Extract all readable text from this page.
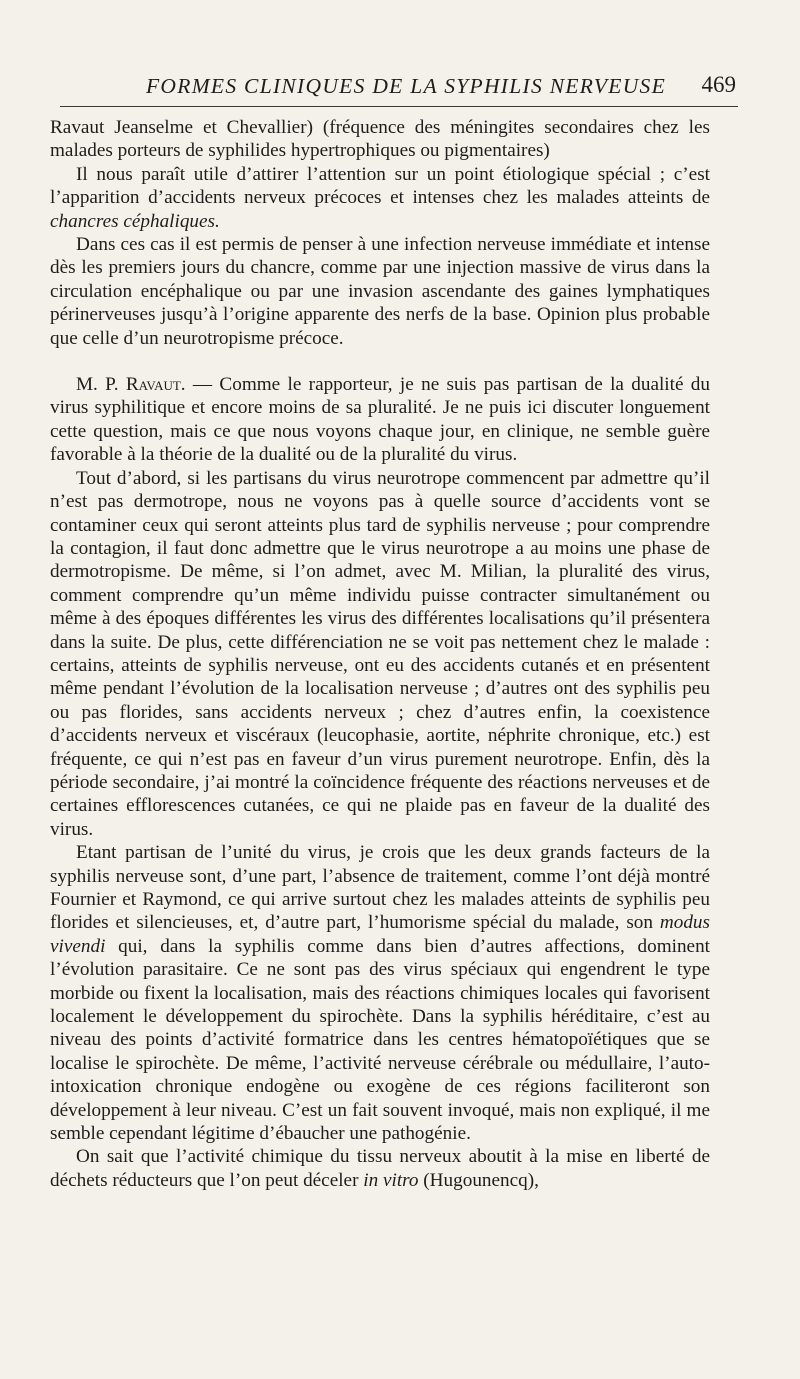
FORMES CLINIQUES DE LA SYPHILIS NERVEUSE 469

Ravaut Jeanselme et Chevallier) (fréquence des méningites secondaires chez les malades porteurs de syphilides hypertrophiques ou pigmentaires)

Il nous paraît utile d’attirer l’attention sur un point étiologique spécial ; c’est l’apparition d’accidents nerveux précoces et intenses chez les malades atteints de chancres céphaliques.

Dans ces cas il est permis de penser à une infection nerveuse immédiate et intense dès les premiers jours du chancre, comme par une injection massive de virus dans la circulation encéphalique ou par une invasion ascendante des gaines lymphatiques périnerveuses jusqu’à l’origine apparente des nerfs de la base. Opinion plus probable que celle d’un neurotropisme précoce.

M. P. Ravaut. — Comme le rapporteur, je ne suis pas partisan de la dualité du virus syphilitique et encore moins de sa pluralité. Je ne puis ici discuter longuement cette question, mais ce que nous voyons chaque jour, en clinique, ne semble guère favorable à la théorie de la dualité ou de la pluralité du virus.

Tout d’abord, si les partisans du virus neurotrope commencent par admettre qu’il n’est pas dermotrope, nous ne voyons pas à quelle source d’accidents vont se contaminer ceux qui seront atteints plus tard de syphilis nerveuse ; pour comprendre la contagion, il faut donc admettre que le virus neurotrope a au moins une phase de dermotropisme. De même, si l’on admet, avec M. Milian, la pluralité des virus, comment comprendre qu’un même individu puisse contracter simultanément ou même à des époques différentes les virus des différentes localisations qu’il présentera dans la suite. De plus, cette différenciation ne se voit pas nettement chez le malade : certains, atteints de syphilis nerveuse, ont eu des accidents cutanés et en présentent même pendant l’évolution de la localisation nerveuse ; d’autres ont des syphilis peu ou pas florides, sans accidents nerveux ; chez d’autres enfin, la coexistence d’accidents nerveux et viscéraux (leucophasie, aortite, néphrite chronique, etc.) est fréquente, ce qui n’est pas en faveur d’un virus purement neurotrope. Enfin, dès la période secondaire, j’ai montré la coïncidence fréquente des réactions nerveuses et de certaines efflorescences cutanées, ce qui ne plaide pas en faveur de la dualité des virus.

Etant partisan de l’unité du virus, je crois que les deux grands facteurs de la syphilis nerveuse sont, d’une part, l’absence de traitement, comme l’ont déjà montré Fournier et Raymond, ce qui arrive surtout chez les malades atteints de syphilis peu florides et silencieuses, et, d’autre part, l’humorisme spécial du malade, son modus vivendi qui, dans la syphilis comme dans bien d’autres affections, dominent l’évolution parasitaire. Ce ne sont pas des virus spéciaux qui engendrent le type morbide ou fixent la localisation, mais des réactions chimiques locales qui favorisent localement le développement du spirochète. Dans la syphilis héréditaire, c’est au niveau des points d’activité formatrice dans les centres hématopoïétiques que se localise le spirochète. De même, l’activité nerveuse cérébrale ou médullaire, l’auto-intoxication chronique endogène ou exogène de ces régions faciliteront son développement à leur niveau. C’est un fait souvent invoqué, mais non expliqué, il me semble cependant légitime d’ébaucher une pathogénie.

On sait que l’activité chimique du tissu nerveux aboutit à la mise en liberté de déchets réducteurs que l’on peut déceler in vitro (Hugounencq),
